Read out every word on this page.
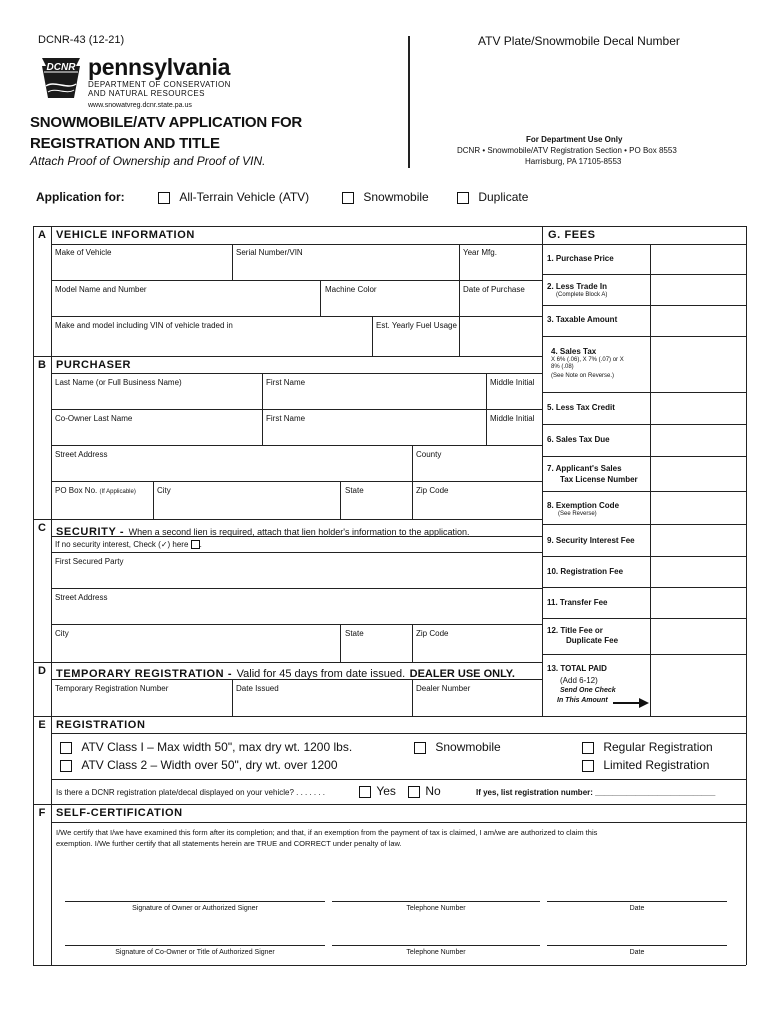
DCNR-43 (12-21)	ATV Plate/Snowmobile Decal Number
DCNR pennsylvania
DEPARTMENT OF CONSERVATION
AND NATURAL RESOURCES
www.snowatvreg.dcnr.state.pa.us
SNOWMOBILE/ATV APPLICATION FOR
REGISTRATION AND TITLE
Attach Proof of Ownership and Proof of VIN.
For Department Use Only
DCNR • Snowmobile/ATV Registration Section • PO Box 8553
Harrisburg, PA 17105-8553
Application for:	All-Terrain Vehicle (ATV)	Snowmobile	Duplicate
A VEHICLE INFORMATION
Make of Vehicle	Serial Number/VIN	Year Mfg.
Model Name and Number	Machine Color	Date of Purchase
Make and model including VIN of vehicle traded in	Est. Yearly Fuel Usage
B PURCHASER
Last Name (or Full Business Name)	First Name	Middle Initial
Co-Owner Last Name	First Name	Middle Initial
Street Address	County
PO Box No. (If Applicable)	City	State	Zip Code
C SECURITY - When a second lien is required, attach that lien holder's information to the application.
If no security interest, Check (✓) here .
First Secured Party
Street Address
City	State	Zip Code
D TEMPORARY REGISTRATION - Valid for 45 days from date issued. DEALER USE ONLY.
Temporary Registration Number	Date Issued	Dealer Number
G. FEES
1. Purchase Price
2. Less Trade In
(Complete Block A)
3. Taxable Amount
4. Sales Tax
X 6% (.06), X 7% (.07) or X 8% (.08)
(See Note on Reverse.)
5. Less Tax Credit
6. Sales Tax Due
7. Applicant's Sales
Tax License Number
8. Exemption Code
(See Reverse)
9. Security Interest Fee
10. Registration Fee
11. Transfer Fee
12. Title Fee or
Duplicate Fee
13. TOTAL PAID
(Add 6-12)
Send One Check
In This Amount
E REGISTRATION
ATV Class I – Max width 50", max dry wt. 1200 lbs.
ATV Class 2 – Width over 50", dry wt. over 1200
Snowmobile	Regular Registration
Limited Registration
Is there a DCNR registration plate/decal displayed on your vehicle? . . . . . . .	Yes	No	If yes, list registration number: ___________________________
F SELF-CERTIFICATION
I/We certify that I/we have examined this form after its completion; and that, if an exemption from the payment of tax is claimed, I am/we are authorized to claim this
exemption. I/We further certify that all statements herein are TRUE and CORRECT under penalty of law.
Signature of Owner or Authorized Signer	Telephone Number	Date
Signature of Co-Owner or Title of Authorized Signer	Telephone Number	Date
